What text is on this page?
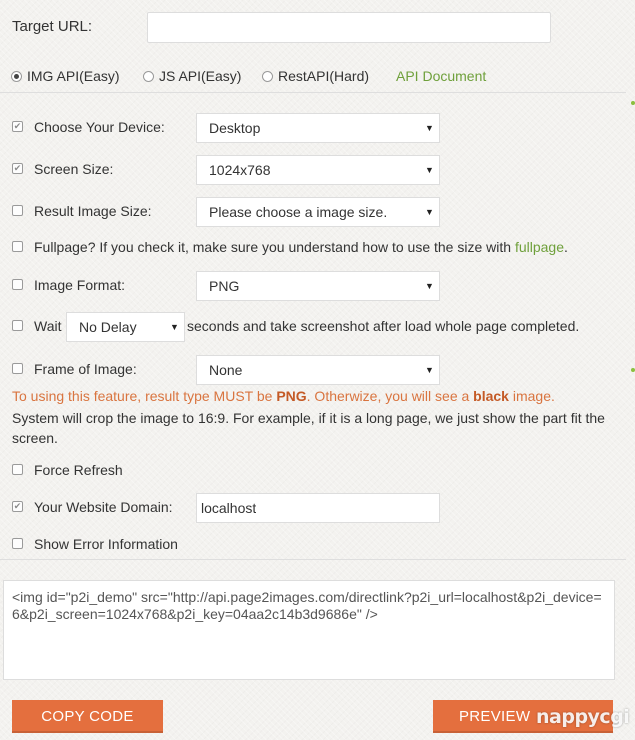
Target URL:
IMG API(Easy)	JS API(Easy)	RestAPI(Hard) API Document
✔ Choose Your Device:	Desktop	▼
✔ Screen Size:	1024x768	▼
Result Image Size:	Please choose a image size.	▼
Fullpage? If you check it, make sure you understand how to use the size with fullpage.
Image Format:	PNG	▼
Wait No Delay	▼ seconds and take screenshot after load whole page completed.
Frame of Image:	None	▼
To using this feature, result type MUST be PNG. Otherwize, you will see a black image.
System will crop the image to 16:9. For example, if it is a long page, we just show the part fit the
screen.
Force Refresh
✔ Your Website Domain: localhost
Show Error Information
<img id="p2i_demo" src="http://api.page2images.com/directlink?p2i_url=localhost&p2i_device=6&p2i_screen=1024x768&p2i_key=04aa2c14b3d9686e" />
COPY CODE	PREVIEW nappycgi
